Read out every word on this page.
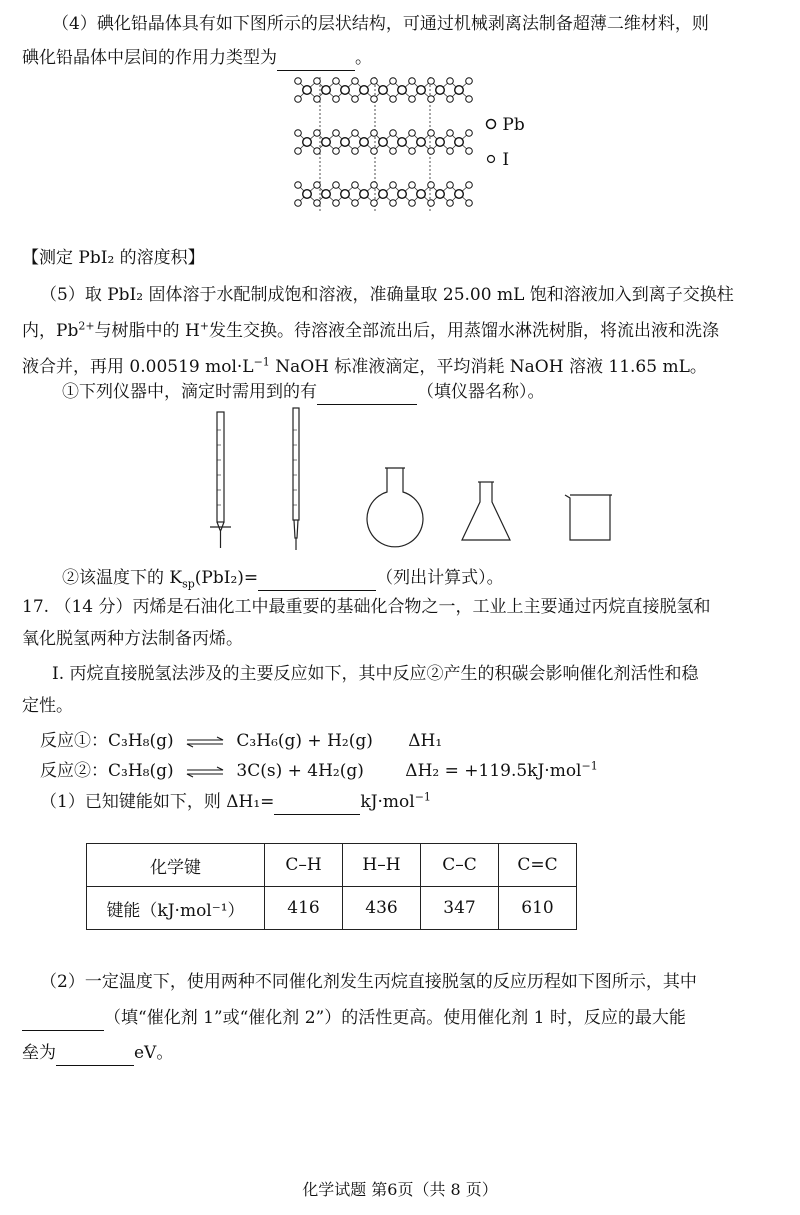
（4）碘化铅晶体具有如下图所示的层状结构，可通过机械剥离法制备超薄二维材料，则
碘化铅晶体中层间的作用力类型为	。
Pb
I
【测定 PbI₂ 的溶度积】
（5）取 PbI₂ 固体溶于水配制成饱和溶液，准确量取 25.00 mL 饱和溶液加入到离子交换柱
内，$Pb^{2+}$与树脂中的 H+发生交换。待溶液全部流出后，用蒸馏水淋洗树脂，将流出液和洗涤
液合并，再用 0.00519 $mol\cdot L^{-1}$ NaOH 标准液滴定，平均消耗 NaOH 溶液 11.65 mL。
①下列仪器中，滴定时需用到的有	（填仪器名称）。
②该温度下的 $K_{sp}(PbI_2)=$	（列出计算式）。
17. （14 分）丙烯是石油化工中最重要的基础化合物之一，工业上主要通过丙烷直接脱氢和
氧化脱氢两种方法制备丙烯。
I. 丙烷直接脱氢法涉及的主要反应如下，其中反应②产生的积碳会影响催化剂活性和稳
定性。
反应①：C₃H₈(g) ⇌ C₃H₆(g) + H₂(g) ΔH₁
反应②：C₃H₈(g) ⇌ 3C(s) + 4H₂(g) ΔH₂ = +119.5kJ·mol$^{-1}$
（1）已知键能如下，则 ΔH₁=	kJ·mol$^{-1}$
化学键	C–H	H–H	C–C	C=C
键能（kJ·mol⁻¹）	416	436	347	610
（2）一定温度下，使用两种不同催化剂发生丙烷直接脱氢的反应历程如下图所示，其中
（填“催化剂 1”或“催化剂 2”）的活性更高。使用催化剂 1 时，反应的最大能
垒为	eV。
化学试题 第6页（共 8 页）
